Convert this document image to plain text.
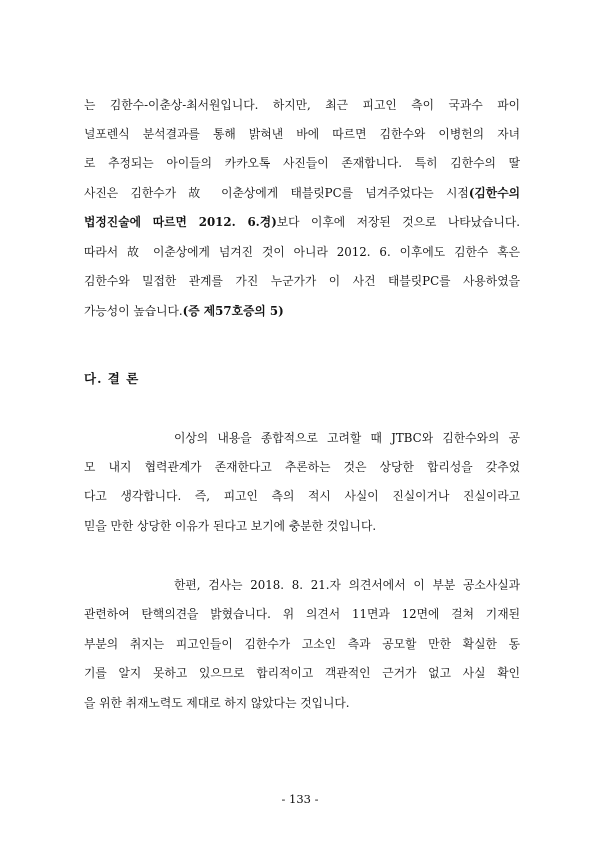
는 김한수-이춘상-최서원입니다. 하지만, 최근 피고인 측이 국과수 파이
널포렌식 분석결과를 통해 밝혀낸 바에 따르면 김한수와 이병헌의 자녀
로 추정되는 아이들의 카카오톡 사진들이 존재합니다. 특히 김한수의 딸
사진은 김한수가 故 이춘상에게 태블릿PC를 넘겨주었다는 시점(김한수의
법정진술에 따르면 2012. 6.경)보다 이후에 저장된 것으로 나타났습니다.
따라서 故 이춘상에게 넘겨진 것이 아니라 2012. 6. 이후에도 김한수 혹은
김한수와 밀접한 관계를 가진 누군가가 이 사건 태블릿PC를 사용하였을
가능성이 높습니다.(증 제57호증의 5)
다. 결 론
이상의 내용을 종합적으로 고려할 때 JTBC와 김한수와의 공
모 내지 협력관계가 존재한다고 추론하는 것은 상당한 합리성을 갖추었
다고 생각합니다. 즉, 피고인 측의 적시 사실이 진실이거나 진실이라고
믿을 만한 상당한 이유가 된다고 보기에 충분한 것입니다.
한편, 검사는 2018. 8. 21.자 의견서에서 이 부분 공소사실과
관련하여 탄핵의견을 밝혔습니다. 위 의견서 11면과 12면에 걸쳐 기재된
부분의 취지는 피고인들이 김한수가 고소인 측과 공모할 만한 확실한 동
기를 알지 못하고 있으므로 합리적이고 객관적인 근거가 없고 사실 확인
을 위한 취재노력도 제대로 하지 않았다는 것입니다.
- 133 -
